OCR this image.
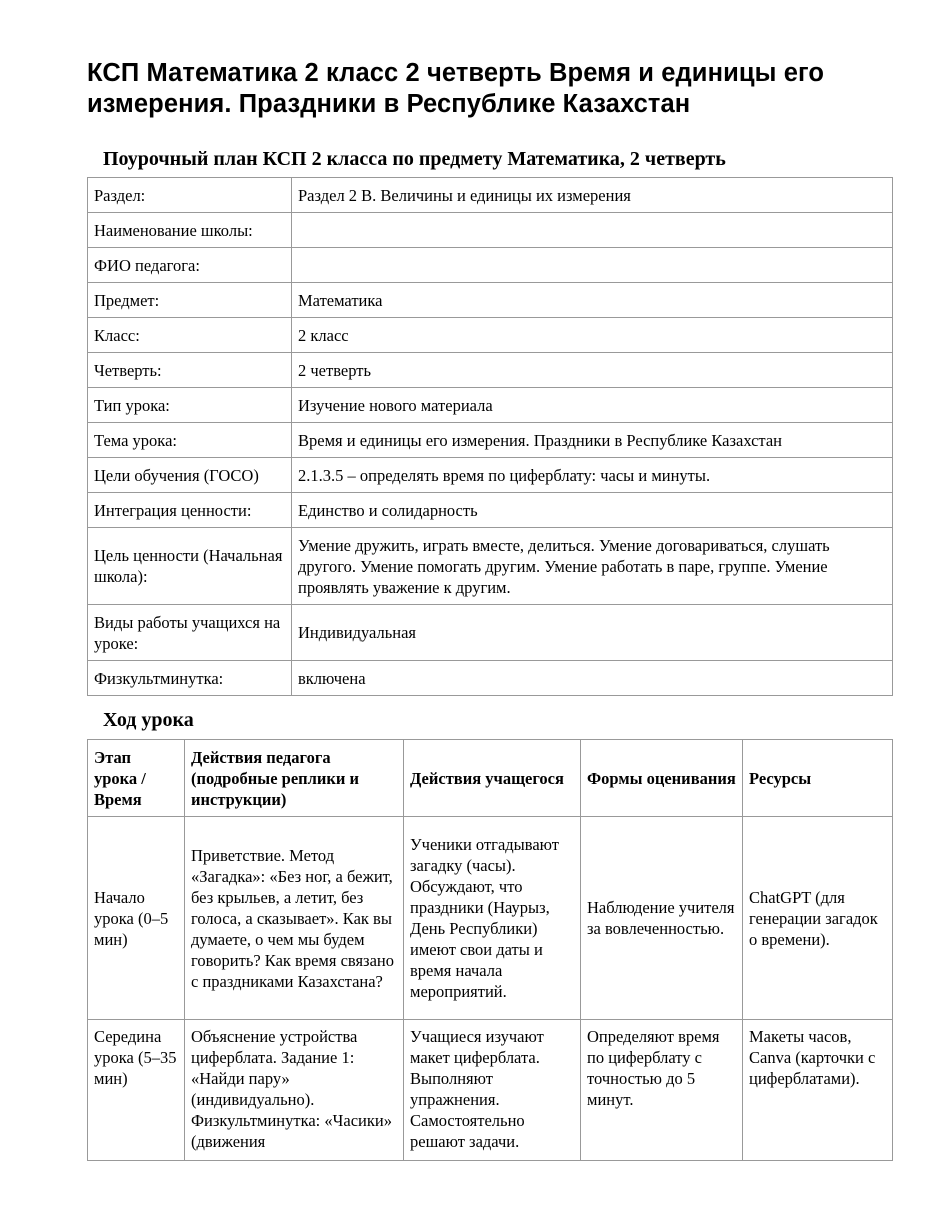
КСП Математика 2 класс 2 четверть Время и единицы его измерения. Праздники в Республике Казахстан
Поурочный план КСП 2 класса по предмету Математика, 2 четверть
Раздел:	Раздел 2 В. Величины и единицы их измерения
Наименование школы:	
ФИО педагога:	
Предмет:	Математика
Класс:	2 класс
Четверть:	2 четверть
Тип урока:	Изучение нового материала
Тема урока:	Время и единицы его измерения. Праздники в Республике Казахстан
Цели обучения (ГОСО)	2.1.3.5 – определять время по циферблату: часы и минуты.
Интеграция ценности:	Единство и солидарность
Цель ценности (Начальная школа):	Умение дружить, играть вместе, делиться. Умение договариваться, слушать другого. Умение помогать другим. Умение работать в паре, группе. Умение проявлять уважение к другим.
Виды работы учащихся на уроке:	Индивидуальная
Физкультминутка:	включена
Ход урока
Этап урока / Время	Действия педагога (подробные реплики и инструкции)	Действия учащегося	Формы оценивания	Ресурсы
Начало урока (0–5 мин)	Приветствие. Метод «Загадка»: «Без ног, а бежит, без крыльев, а летит, без голоса, а сказывает». Как вы думаете, о чем мы будем говорить? Как время связано с праздниками Казахстана?	Ученики отгадывают загадку (часы). Обсуждают, что праздники (Наурыз, День Республики) имеют свои даты и время начала мероприятий.	Наблюдение учителя за вовлеченностью.	ChatGPT (для генерации загадок о времени).
Середина урока (5–35 мин)	Объяснение устройства циферблата. Задание 1: «Найди пару» (индивидуально). Физкультминутка: «Часики» (движения	Учащиеся изучают макет циферблата. Выполняют упражнения. Самостоятельно решают задачи.	Определяют время по циферблату с точностью до 5 минут.	Макеты часов, Canva (карточки с циферблатами).
